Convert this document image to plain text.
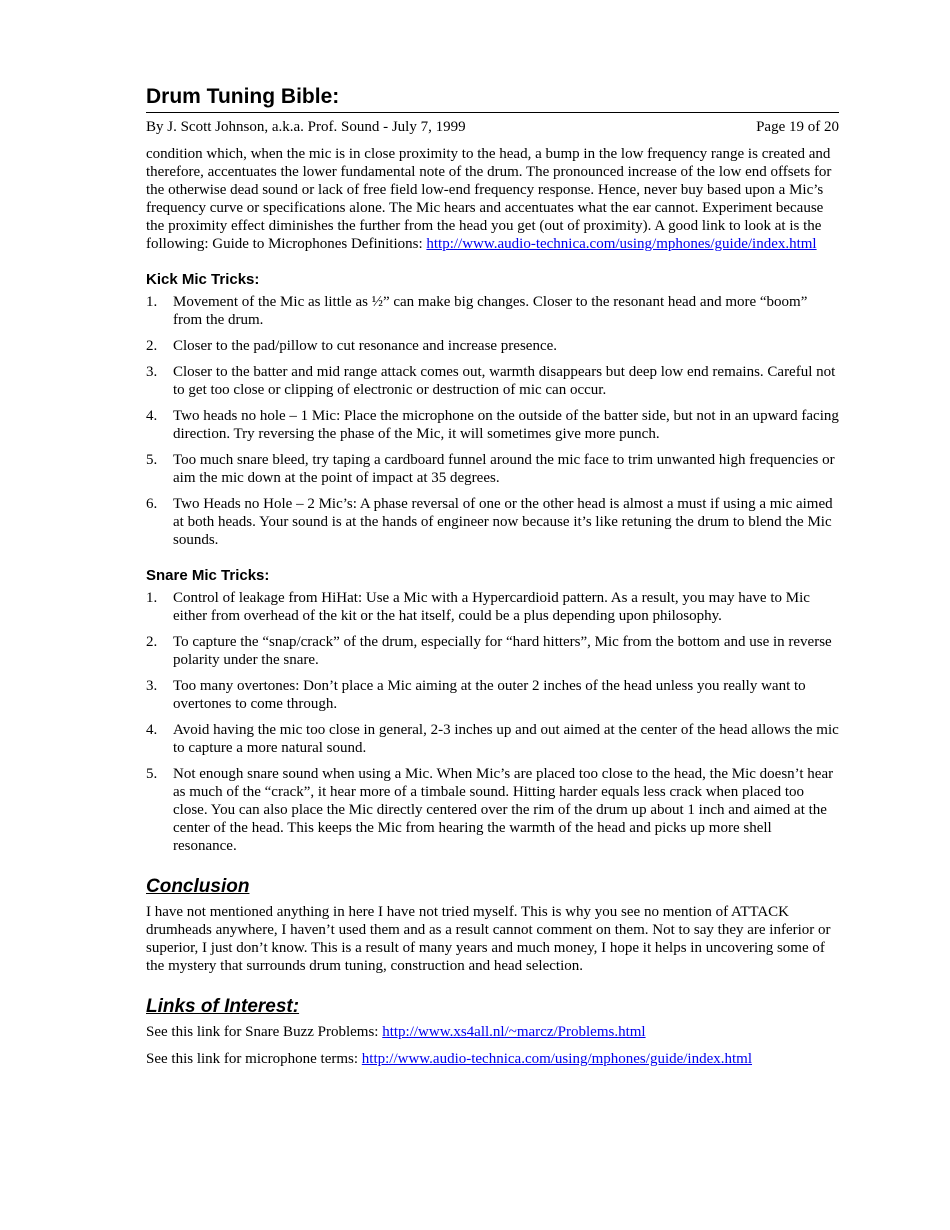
Drum Tuning Bible:
By J. Scott Johnson, a.k.a. Prof. Sound - July 7, 1999	Page 19 of 20

condition which, when the mic is in close proximity to the head, a bump in the low frequency range is created and therefore, accentuates the lower fundamental note of the drum. The pronounced increase of the low end offsets for the otherwise dead sound or lack of free field low-end frequency response. Hence, never buy based upon a Mic’s frequency curve or specifications alone. The Mic hears and accentuates what the ear cannot. Experiment because the proximity effect diminishes the further from the head you get (out of proximity). A good link to look at is the following: Guide to Microphones Definitions: http://www.audio-technica.com/using/mphones/guide/index.html

Kick Mic Tricks:
1.	Movement of the Mic as little as ½” can make big changes. Closer to the resonant head and more “boom” from the drum.
2.	Closer to the pad/pillow to cut resonance and increase presence.
3.	Closer to the batter and mid range attack comes out, warmth disappears but deep low end remains. Careful not to get too close or clipping of electronic or destruction of mic can occur.
4.	Two heads no hole – 1 Mic: Place the microphone on the outside of the batter side, but not in an upward facing direction. Try reversing the phase of the Mic, it will sometimes give more punch.
5.	Too much snare bleed, try taping a cardboard funnel around the mic face to trim unwanted high frequencies or aim the mic down at the point of impact at 35 degrees.
6.	Two Heads no Hole – 2 Mic’s: A phase reversal of one or the other head is almost a must if using a mic aimed at both heads. Your sound is at the hands of engineer now because it’s like retuning the drum to blend the Mic sounds.
Snare Mic Tricks:
1.	Control of leakage from HiHat: Use a Mic with a Hypercardioid pattern. As a result, you may have to Mic either from overhead of the kit or the hat itself, could be a plus depending upon philosophy.
2.	To capture the “snap/crack” of the drum, especially for “hard hitters”, Mic from the bottom and use in reverse polarity under the snare.
3.	Too many overtones: Don’t place a Mic aiming at the outer 2 inches of the head unless you really want to overtones to come through.
4.	Avoid having the mic too close in general, 2-3 inches up and out aimed at the center of the head allows the mic to capture a more natural sound.
5.	Not enough snare sound when using a Mic. When Mic’s are placed too close to the head, the Mic doesn’t hear as much of the “crack”, it hear more of a timbale sound. Hitting harder equals less crack when placed too close. You can also place the Mic directly centered over the rim of the drum up about 1 inch and aimed at the center of the head. This keeps the Mic from hearing the warmth of the head and picks up more shell resonance.
Conclusion

I have not mentioned anything in here I have not tried myself. This is why you see no mention of ATTACK drumheads anywhere, I haven’t used them and as a result cannot comment on them. Not to say they are inferior or superior, I just don’t know. This is a result of many years and much money, I hope it helps in uncovering some of the mystery that surrounds drum tuning, construction and head selection.

Links of Interest:

See this link for Snare Buzz Problems: http://www.xs4all.nl/~marcz/Problems.html

See this link for microphone terms: http://www.audio-technica.com/using/mphones/guide/index.html
